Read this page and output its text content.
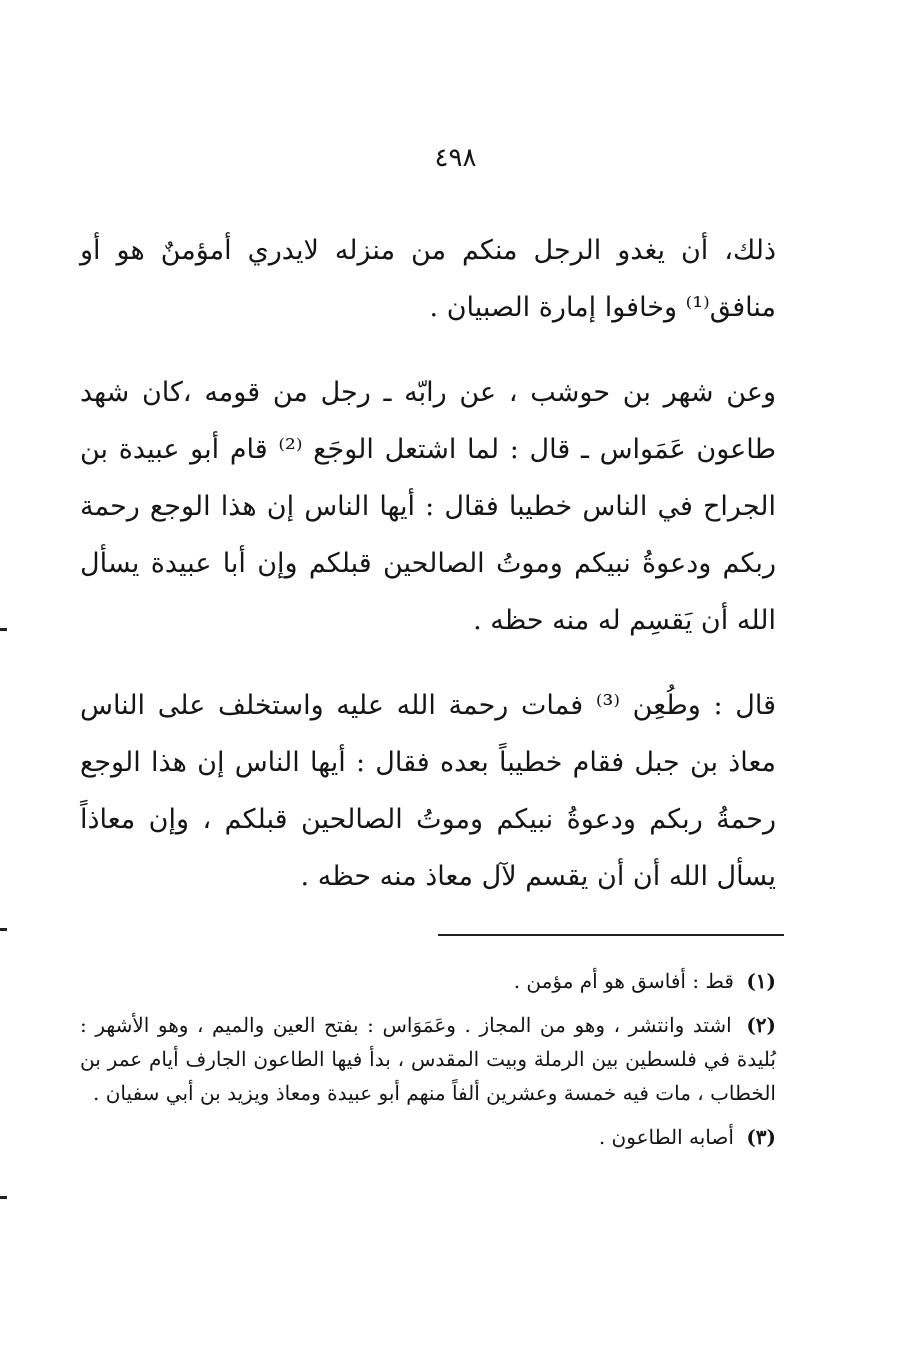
٤٩٨

ذلك، أن يغدو الرجل منكم من منزله لايدري أمؤمنٌ هو أو منافق⁽¹⁾ وخافوا إمارة الصبيان .

وعن شهر بن حوشب ، عن رابّه ـ رجل من قومه ،كان شهد طاعون عَمَواس ـ قال : لما اشتعل الوجَع ⁽²⁾ قام أبو عبيدة بن الجراح في الناس خطيبا فقال : أيها الناس إن هذا الوجع رحمة ربكم ودعوةُ نبيكم وموتُ الصالحين قبلكم وإن أبا عبيدة يسأل الله أن يَقسِم له منه حظه .

قال : وطُعِن ⁽³⁾ فمات رحمة الله عليه واستخلف على الناس معاذ بن جبل فقام خطيباً بعده فقال : أيها الناس إن هذا الوجع رحمةُ ربكم ودعوةُ نبيكم وموتُ الصالحين قبلكم ، وإن معاذاً يسأل الله أن أن يقسم لآل معاذ منه حظه .

(١) قط : أفاسق هو أم مؤمن .

(٢) اشتد وانتشر ، وهو من المجاز . وعَمَوَاس : بفتح العين والميم ، وهو الأشهر : بُليدة في فلسطين بين الرملة وبيت المقدس ، بدأ فيها الطاعون الجارف أيام عمر بن الخطاب ، مات فيه خمسة وعشرين ألفاً منهم أبو عبيدة ومعاذ ويزيد بن أبي سفيان .

(٣) أصابه الطاعون .
